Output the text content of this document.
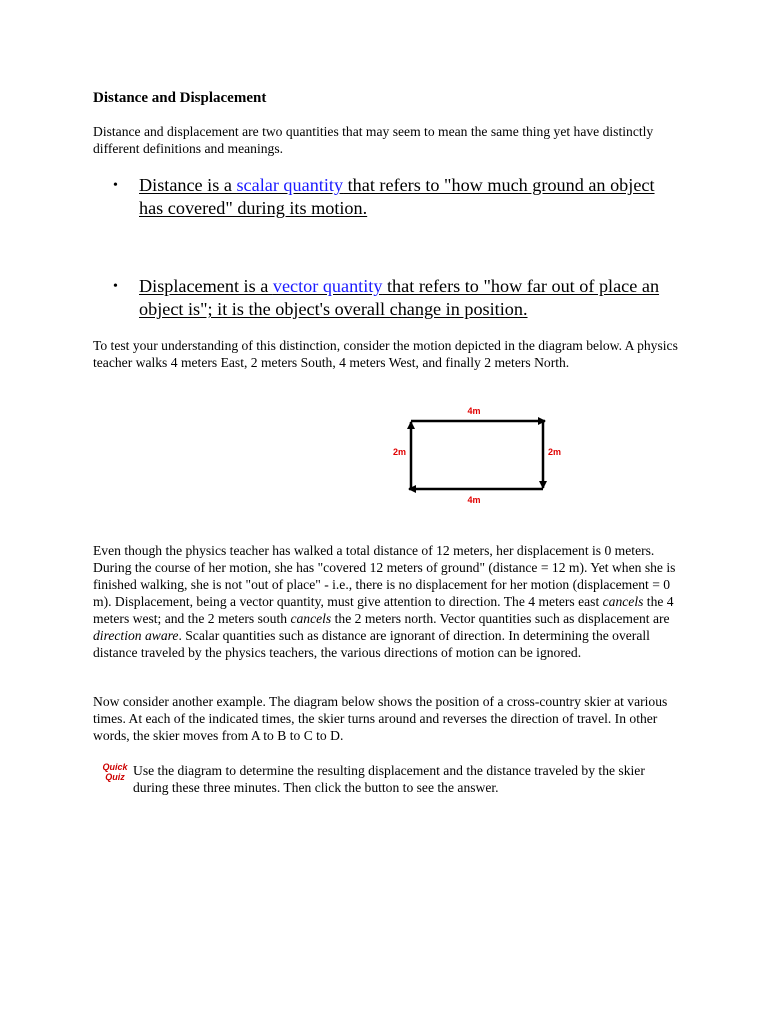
Distance and Displacement
Distance and displacement are two quantities that may seem to mean the same thing yet have distinctly different definitions and meanings.
• Distance is a scalar quantity that refers to "how much ground an object has covered" during its motion.
• Displacement is a vector quantity that refers to "how far out of place an object is"; it is the object's overall change in position.
To test your understanding of this distinction, consider the motion depicted in the diagram below. A physics teacher walks 4 meters East, 2 meters South, 4 meters West, and finally 2 meters North.
4m
4m
2m	2m
Even though the physics teacher has walked a total distance of 12 meters, her displacement is 0 meters. During the course of her motion, she has "covered 12 meters of ground" (distance = 12 m). Yet when she is finished walking, she is not "out of place" - i.e., there is no displacement for her motion (displacement = 0 m). Displacement, being a vector quantity, must give attention to direction. The 4 meters east cancels the 4 meters west; and the 2 meters south cancels the 2 meters north. Vector quantities such as displacement are direction aware. Scalar quantities such as distance are ignorant of direction. In determining the overall distance traveled by the physics teachers, the various directions of motion can be ignored.
Now consider another example. The diagram below shows the position of a cross-country skier at various times. At each of the indicated times, the skier turns around and reverses the direction of travel. In other words, the skier moves from A to B to C to D.
Quick
Quiz Use the diagram to determine the resulting displacement and the distance traveled by the skier during these three minutes. Then click the button to see the answer.
